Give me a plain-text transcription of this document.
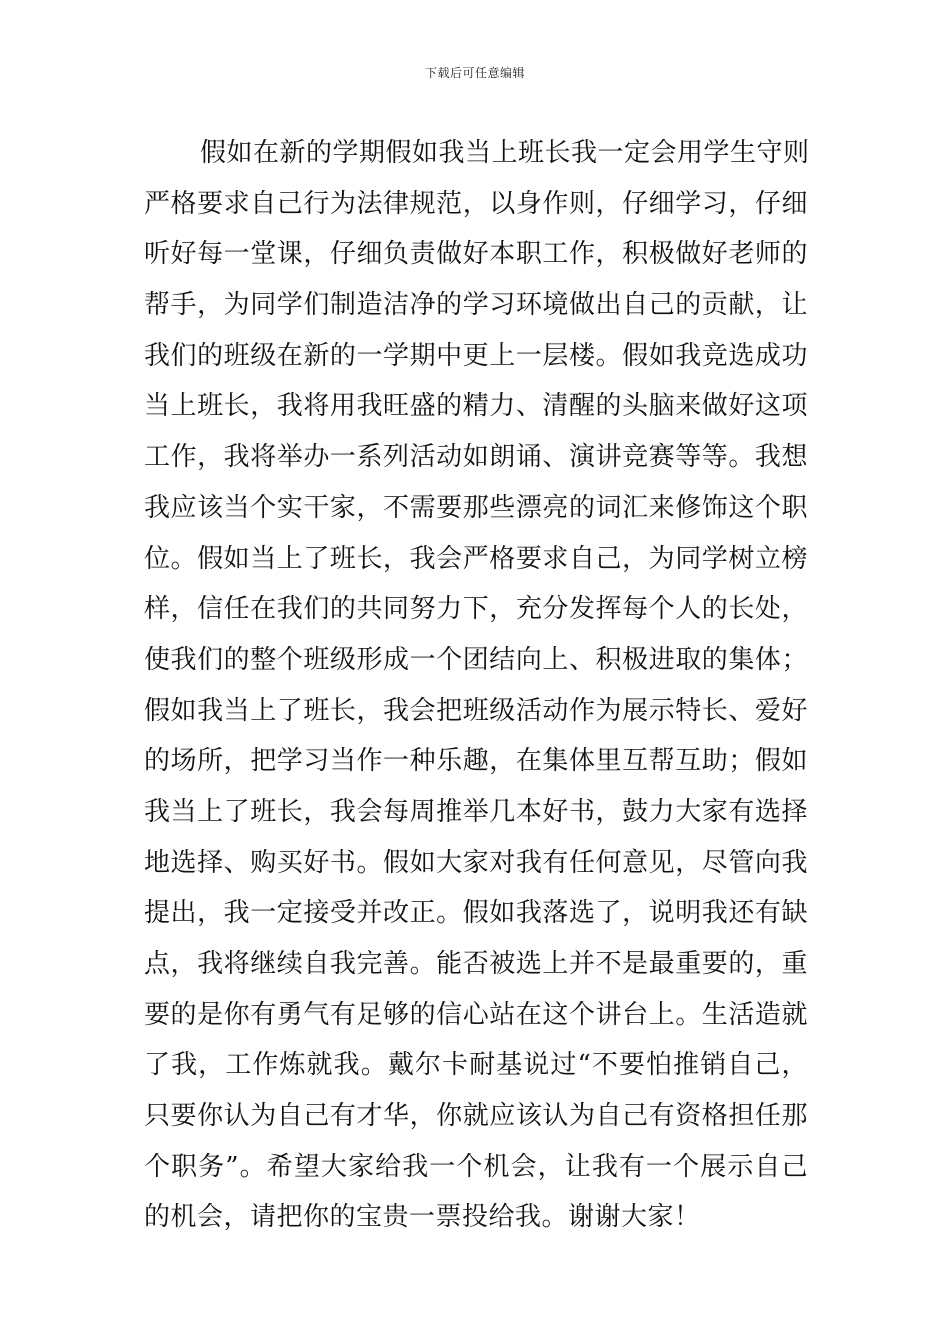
下载后可任意编辑
假如在新的学期假如我当上班长我一定会用学生守则
严格要求自己行为法律规范，以身作则，仔细学习，仔细
听好每一堂课，仔细负责做好本职工作，积极做好老师的
帮手，为同学们制造洁净的学习环境做出自己的贡献，让
我们的班级在新的一学期中更上一层楼。假如我竞选成功
当上班长，我将用我旺盛的精力、清醒的头脑来做好这项
工作，我将举办一系列活动如朗诵、演讲竞赛等等。我想
我应该当个实干家，不需要那些漂亮的词汇来修饰这个职
位。假如当上了班长，我会严格要求自己，为同学树立榜
样，信任在我们的共同努力下，充分发挥每个人的长处，
使我们的整个班级形成一个团结向上、积极进取的集体；
假如我当上了班长，我会把班级活动作为展示特长、爱好
的场所，把学习当作一种乐趣，在集体里互帮互助；假如
我当上了班长，我会每周推举几本好书，鼓力大家有选择
地选择、购买好书。假如大家对我有任何意见，尽管向我
提出，我一定接受并改正。假如我落选了，说明我还有缺
点，我将继续自我完善。能否被选上并不是最重要的，重
要的是你有勇气有足够的信心站在这个讲台上。生活造就
了我，工作炼就我。戴尔卡耐基说过“不要怕推销自己，
只要你认为自己有才华，你就应该认为自己有资格担任那
个职务”。希望大家给我一个机会，让我有一个展示自己
的机会，请把你的宝贵一票投给我。谢谢大家！
